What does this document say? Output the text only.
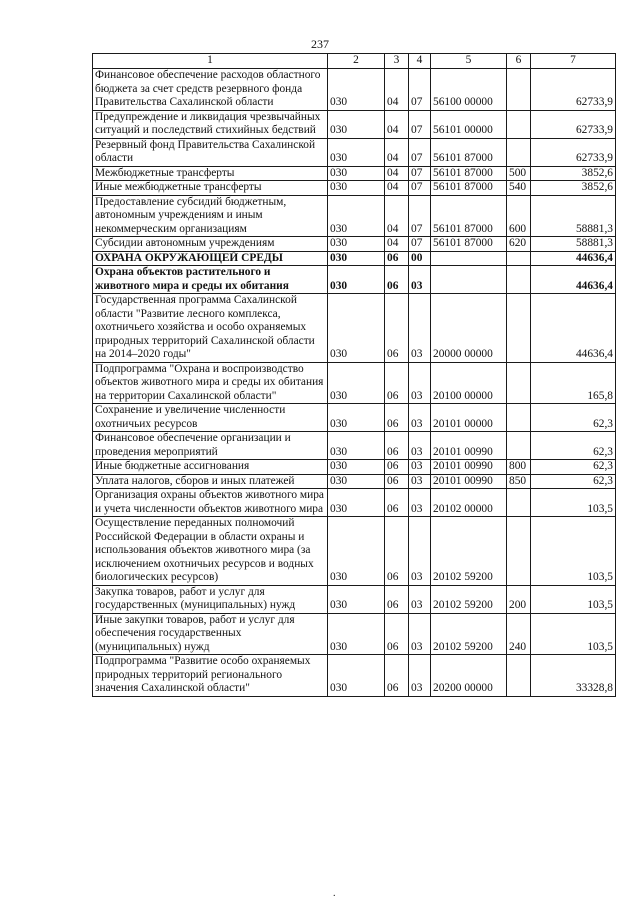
237
1	2	3	4	5	6	7
Финансовое обеспечение расходов областного бюджета за счет средств резервного фонда Правительства Сахалинской области	030	04	07	56100 00000		62733,9
Предупреждение и ликвидация чрезвычайных ситуаций и последствий стихийных бедствий	030	04	07	56101 00000		62733,9
Резервный фонд Правительства Сахалинской области	030	04	07	56101 87000		62733,9
Межбюджетные трансферты	030	04	07	56101 87000	500	3852,6
Иные межбюджетные трансферты	030	04	07	56101 87000	540	3852,6
Предоставление субсидий бюджетным, автономным учреждениям и иным некоммерческим организациям	030	04	07	56101 87000	600	58881,3
Субсидии автономным учреждениям	030	04	07	56101 87000	620	58881,3
ОХРАНА ОКРУЖАЮЩЕЙ СРЕДЫ	030	06	00			44636,4
Охрана объектов растительного и животного мира и среды их обитания	030	06	03			44636,4
Государственная программа Сахалинской области "Развитие лесного комплекса, охотничьего хозяйства и особо охраняемых природных территорий Сахалинской области на 2014–2020 годы"	030	06	03	20000 00000		44636,4
Подпрограмма "Охрана и воспроизводство объектов животного мира и среды их обитания на территории Сахалинской области"	030	06	03	20100 00000		165,8
Сохранение и увеличение численности охотничьих ресурсов	030	06	03	20101 00000		62,3
Финансовое обеспечение организации и проведения мероприятий	030	06	03	20101 00990		62,3
Иные бюджетные ассигнования	030	06	03	20101 00990	800	62,3
Уплата налогов, сборов и иных платежей	030	06	03	20101 00990	850	62,3
Организация охраны объектов животного мира и учета численности объектов животного мира	030	06	03	20102 00000		103,5
Осуществление переданных полномочий Российской Федерации в области охраны и использования объектов животного мира (за исключением охотничьих ресурсов и водных биологических ресурсов)	030	06	03	20102 59200		103,5
Закупка товаров, работ и услуг для государственных (муниципальных) нужд	030	06	03	20102 59200	200	103,5
Иные закупки товаров, работ и услуг для обеспечения государственных (муниципальных) нужд	030	06	03	20102 59200	240	103,5
Подпрограмма "Развитие особо охраняемых природных территорий регионального значения Сахалинской области"	030	06	03	20200 00000		33328,8
.
